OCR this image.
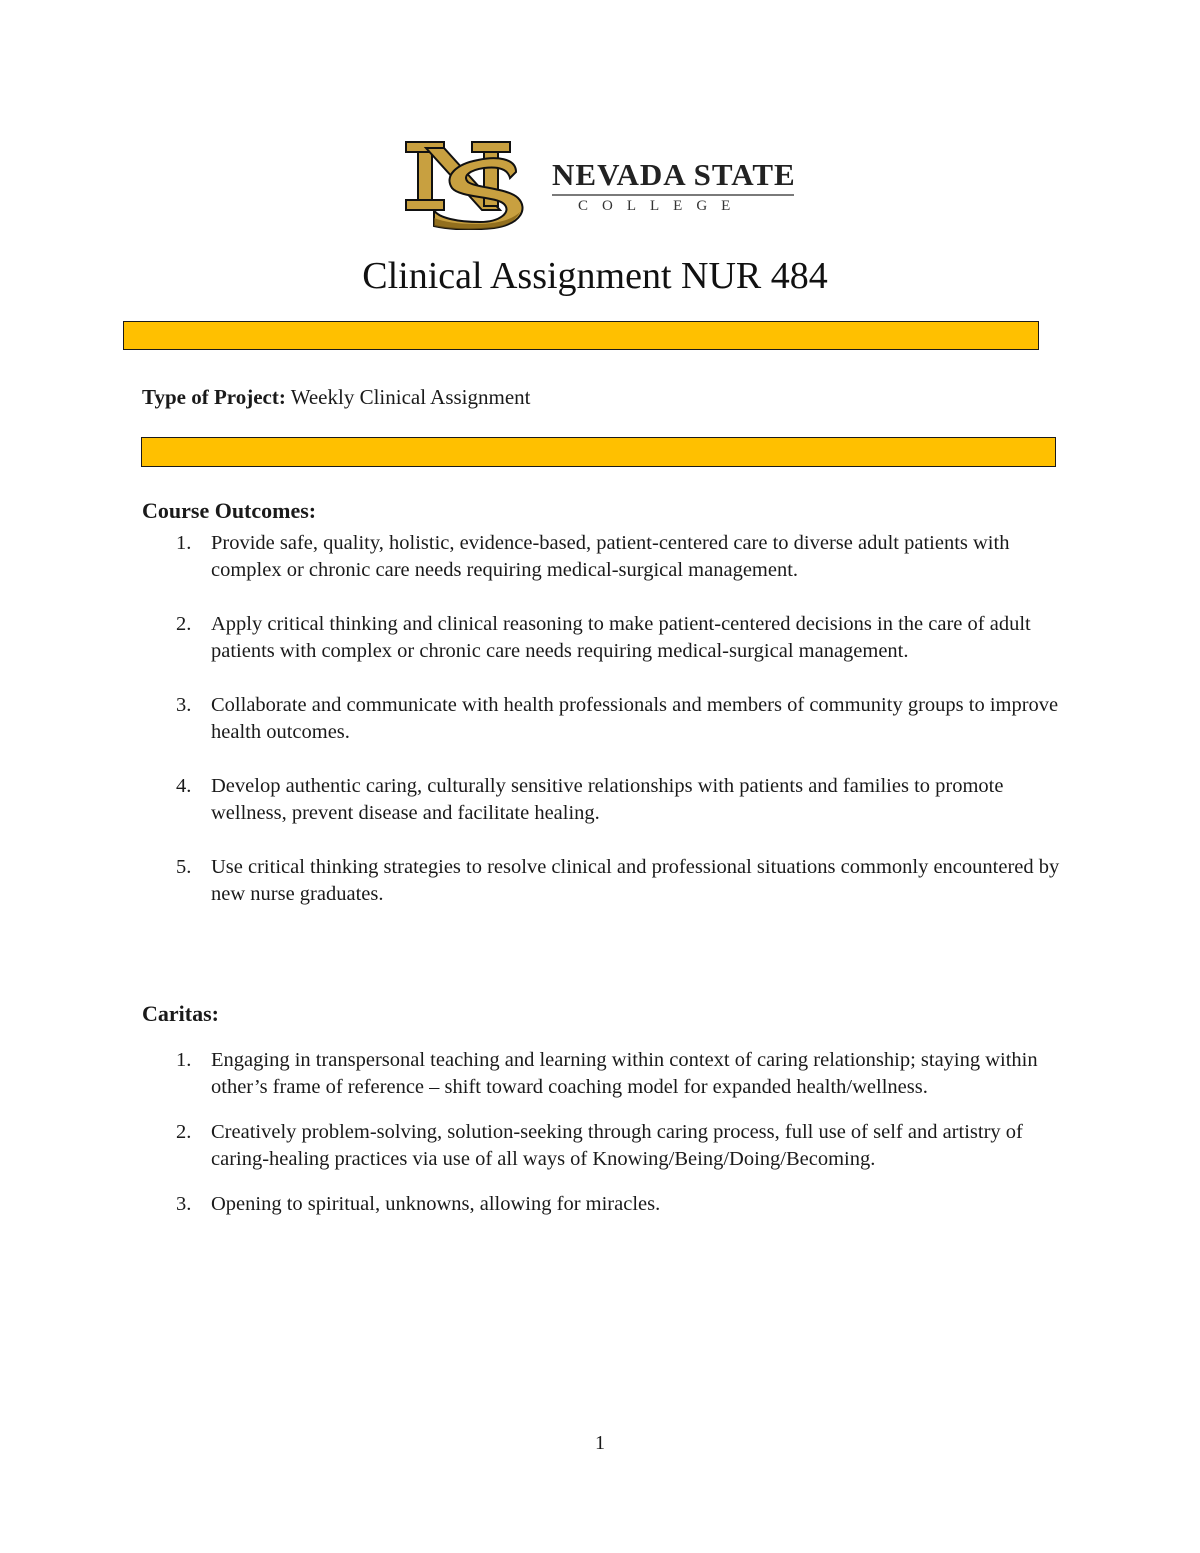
NEVADA STATE
COLLEGE
Clinical Assignment NUR 484
Type of Project: Weekly Clinical Assignment
Course Outcomes:
1. Provide safe, quality, holistic, evidence-based, patient-centered care to diverse adult patients with complex or chronic care needs requiring medical-surgical management.
2. Apply critical thinking and clinical reasoning to make patient-centered decisions in the care of adult patients with complex or chronic care needs requiring medical-surgical management.
3. Collaborate and communicate with health professionals and members of community groups to improve health outcomes.
4. Develop authentic caring, culturally sensitive relationships with patients and families to promote wellness, prevent disease and facilitate healing.
5. Use critical thinking strategies to resolve clinical and professional situations commonly encountered by new nurse graduates.
Caritas:
1. Engaging in transpersonal teaching and learning within context of caring relationship; staying within other’s frame of reference – shift toward coaching model for expanded health/wellness.
2. Creatively problem-solving, solution-seeking through caring process, full use of self and artistry of caring-healing practices via use of all ways of Knowing/Being/Doing/Becoming.
3. Opening to spiritual, unknowns, allowing for miracles.
1
